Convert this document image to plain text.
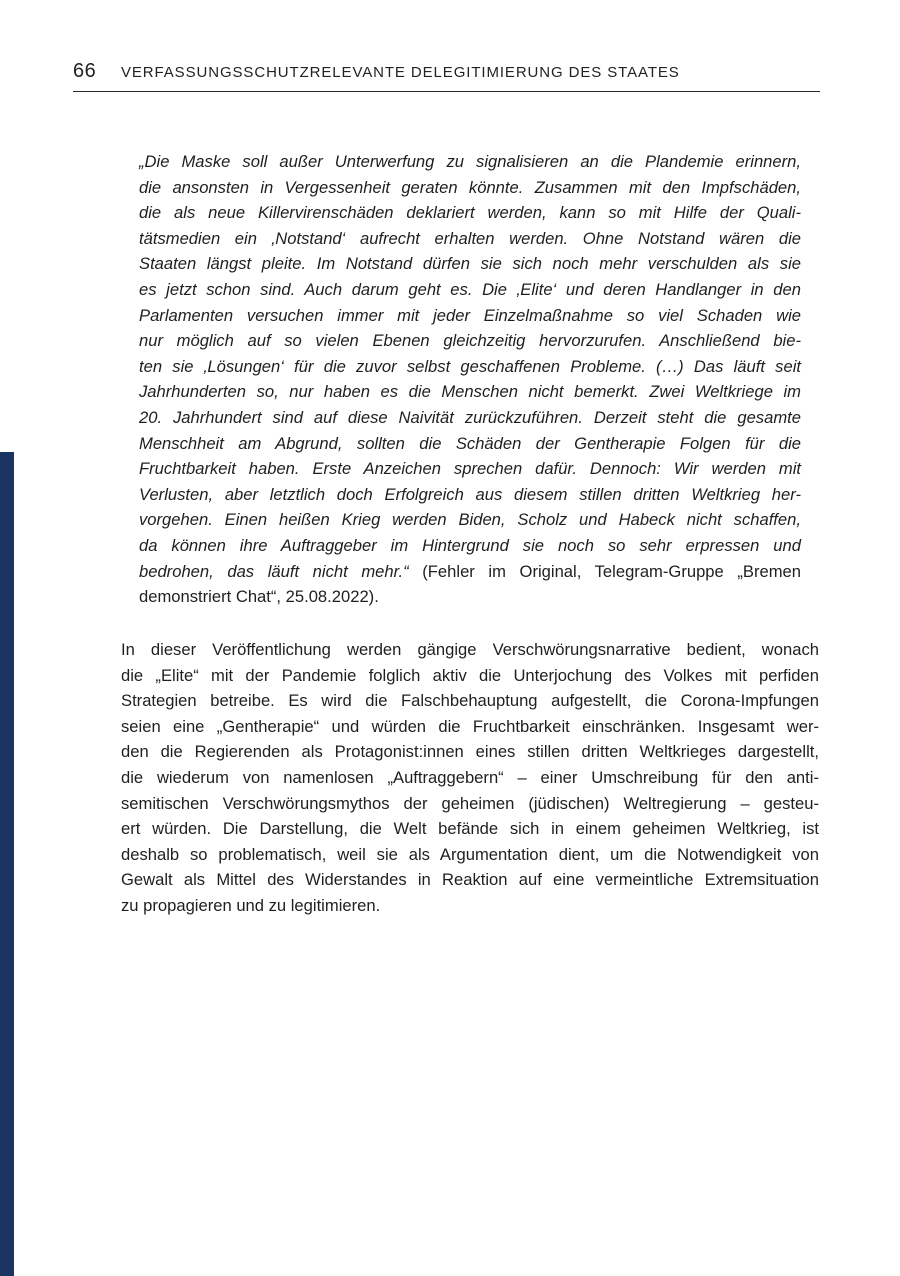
66 VERFASSUNGSSCHUTZRELEVANTE DELEGITIMIERUNG DES STAATES
„Die Maske soll außer Unterwerfung zu signalisieren an die Plandemie erinnern,
die ansonsten in Vergessenheit geraten könnte. Zusammen mit den Impfschäden,
die als neue Killervirenschäden deklariert werden, kann so mit Hilfe der Quali-
tätsmedien ein ‚Notstand‘ aufrecht erhalten werden. Ohne Notstand wären die
Staaten längst pleite. Im Notstand dürfen sie sich noch mehr verschulden als sie
es jetzt schon sind. Auch darum geht es. Die ‚Elite‘ und deren Handlanger in den
Parlamenten versuchen immer mit jeder Einzelmaßnahme so viel Schaden wie
nur möglich auf so vielen Ebenen gleichzeitig hervorzurufen. Anschließend bie-
ten sie ‚Lösungen‘ für die zuvor selbst geschaffenen Probleme. (…) Das läuft seit
Jahrhunderten so, nur haben es die Menschen nicht bemerkt. Zwei Weltkriege im
20. Jahrhundert sind auf diese Naivität zurückzuführen. Derzeit steht die gesamte
Menschheit am Abgrund, sollten die Schäden der Gentherapie Folgen für die
Fruchtbarkeit haben. Erste Anzeichen sprechen dafür. Dennoch: Wir werden mit
Verlusten, aber letztlich doch Erfolgreich aus diesem stillen dritten Weltkrieg her-
vorgehen. Einen heißen Krieg werden Biden, Scholz und Habeck nicht schaffen,
da können ihre Auftraggeber im Hintergrund sie noch so sehr erpressen und
bedrohen, das läuft nicht mehr.“ (Fehler im Original, Telegram-Gruppe „Bremen
demonstriert Chat“, 25.08.2022).
In dieser Veröffentlichung werden gängige Verschwörungsnarrative bedient, wonach
die „Elite“ mit der Pandemie folglich aktiv die Unterjochung des Volkes mit perfiden
Strategien betreibe. Es wird die Falschbehauptung aufgestellt, die Corona-Impfungen
seien eine „Gentherapie“ und würden die Fruchtbarkeit einschränken. Insgesamt wer-
den die Regierenden als Protagonist:innen eines stillen dritten Weltkrieges dargestellt,
die wiederum von namenlosen „Auftraggebern“ – einer Umschreibung für den anti-
semitischen Verschwörungsmythos der geheimen (jüdischen) Weltregierung – gesteu-
ert würden. Die Darstellung, die Welt befände sich in einem geheimen Weltkrieg, ist
deshalb so problematisch, weil sie als Argumentation dient, um die Notwendigkeit von
Gewalt als Mittel des Widerstandes in Reaktion auf eine vermeintliche Extremsituation
zu propagieren und zu legitimieren.
